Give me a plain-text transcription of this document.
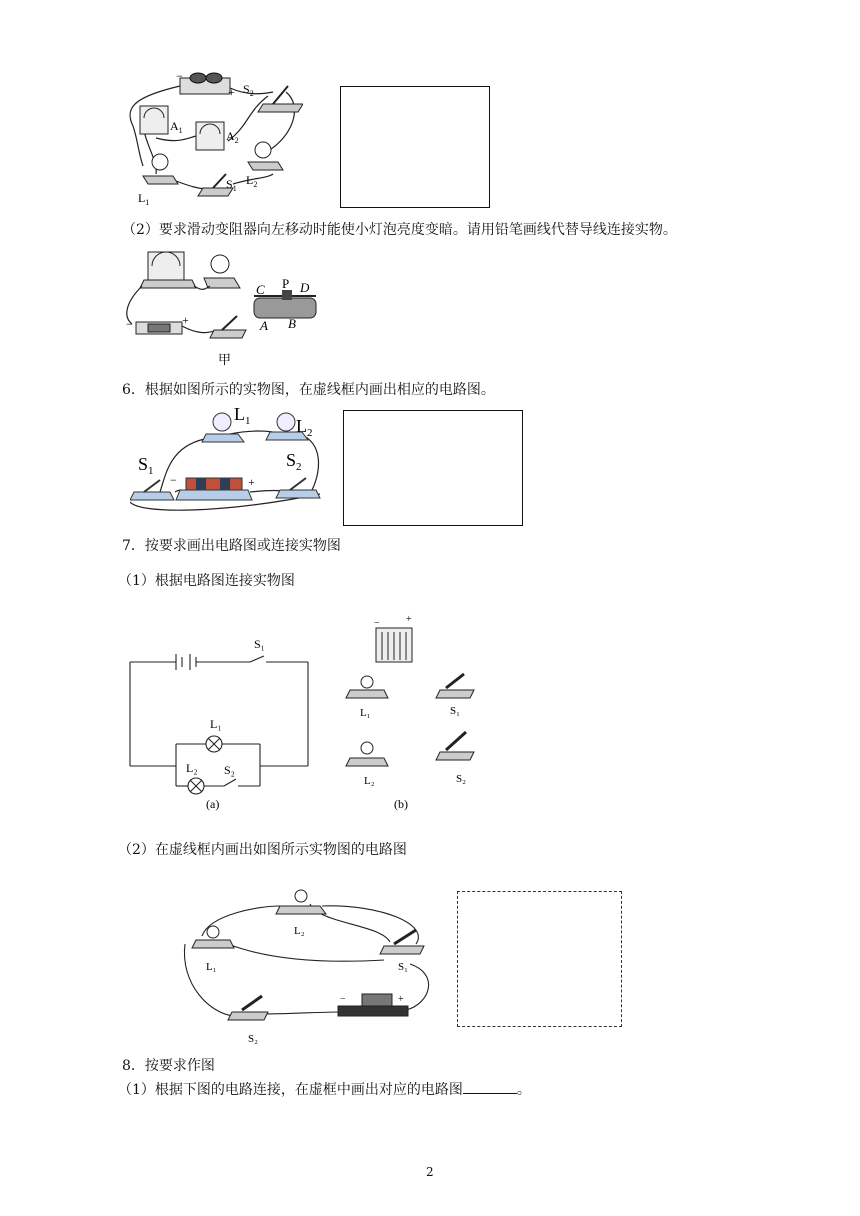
−
+ $S_2$
$A_1$	$A_2$
$L_1$
$L_2$
$S_1$
（2）要求滑动变阻器向左移动时能使小灯泡亮度变暗。请用铅笔画线代替导线连接实物。
−	+
甲
C P D
A B
6．根据如图所示的实物图，在虚线框内画出相应的电路图。
$L_1$	$L_2$
$S_1$
−	+
$S_2$
7．按要求画出电路图或连接实物图
（1）根据电路图连接实物图
S₁
L₁
L₂ S₂
(a)
+
−
L₁	S₁
L₂	S₂
(b)
（2）在虚线框内画出如图所示实物图的电路图
L₂
L₁	S₁
−	+
S₂
8．按要求作图
（1）根据下图的电路连接，在虚框中画出对应的电路图	。
2
